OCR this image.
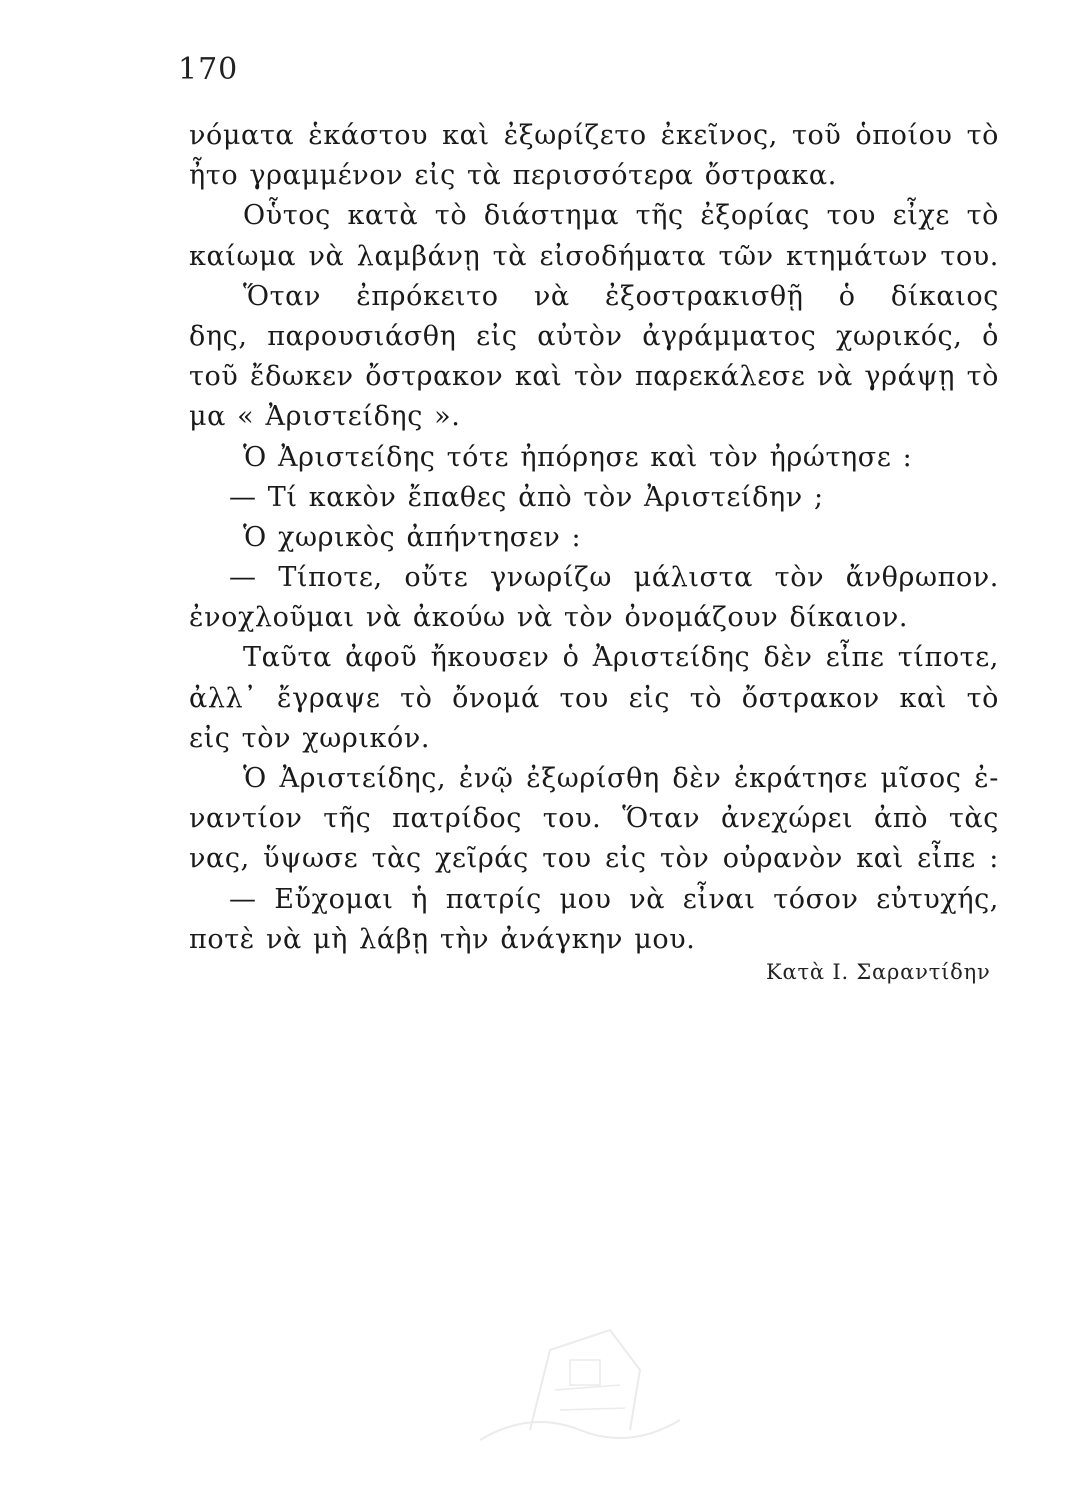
170
νόματα ἑκάστου καὶ ἐξωρίζετο ἐκεῖνος, τοῦ ὁποίου τὸ
ἦτο γραμμένον εἰς τὰ περισσότερα ὄστρακα.
Οὗτος κατὰ τὸ διάστημα τῆς ἐξορίας του εἶχε τὸ
καίωμα νὰ λαμβάνῃ τὰ εἰσοδήματα τῶν κτημάτων του.
Ὅταν ἐπρόκειτο νὰ ἐξοστρακισθῇ ὁ δίκαιος
δης, παρουσιάσθη εἰς αὐτὸν ἀγράμματος χωρικός, ὁ
τοῦ ἔδωκεν ὄστρακον καὶ τὸν παρεκάλεσε νὰ γράψῃ τὸ
μα « Ἀριστείδης ».
Ὁ Ἀριστείδης τότε ἠπόρησε καὶ τὸν ἠρώτησε :
— Τί κακὸν ἔπαθες ἀπὸ τὸν Ἀριστείδην ;
Ὁ χωρικὸς ἀπήντησεν :
— Τίποτε, οὔτε γνωρίζω μάλιστα τὸν ἄνθρωπον.
ἐνοχλοῦμαι νὰ ἀκούω νὰ τὸν ὀνομάζουν δίκαιον.
Ταῦτα ἀφοῦ ἤκουσεν ὁ Ἀριστείδης δὲν εἶπε τίποτε,
ἀλλ᾿ ἔγραψε τὸ ὄνομά του εἰς τὸ ὄστρακον καὶ τὸ
εἰς τὸν χωρικόν.
Ὁ Ἀριστείδης, ἐνῷ ἐξωρίσθη δὲν ἐκράτησε μῖσος ἐ-
ναντίον τῆς πατρίδος του. Ὅταν ἀνεχώρει ἀπὸ τὰς
νας, ὕψωσε τὰς χεῖράς του εἰς τὸν οὐρανὸν καὶ εἶπε :
— Εὔχομαι ἡ πατρίς μου νὰ εἶναι τόσον εὐτυχής,
ποτὲ νὰ μὴ λάβῃ τὴν ἀνάγκην μου.
Κατὰ Ι. Σαραντίδην
